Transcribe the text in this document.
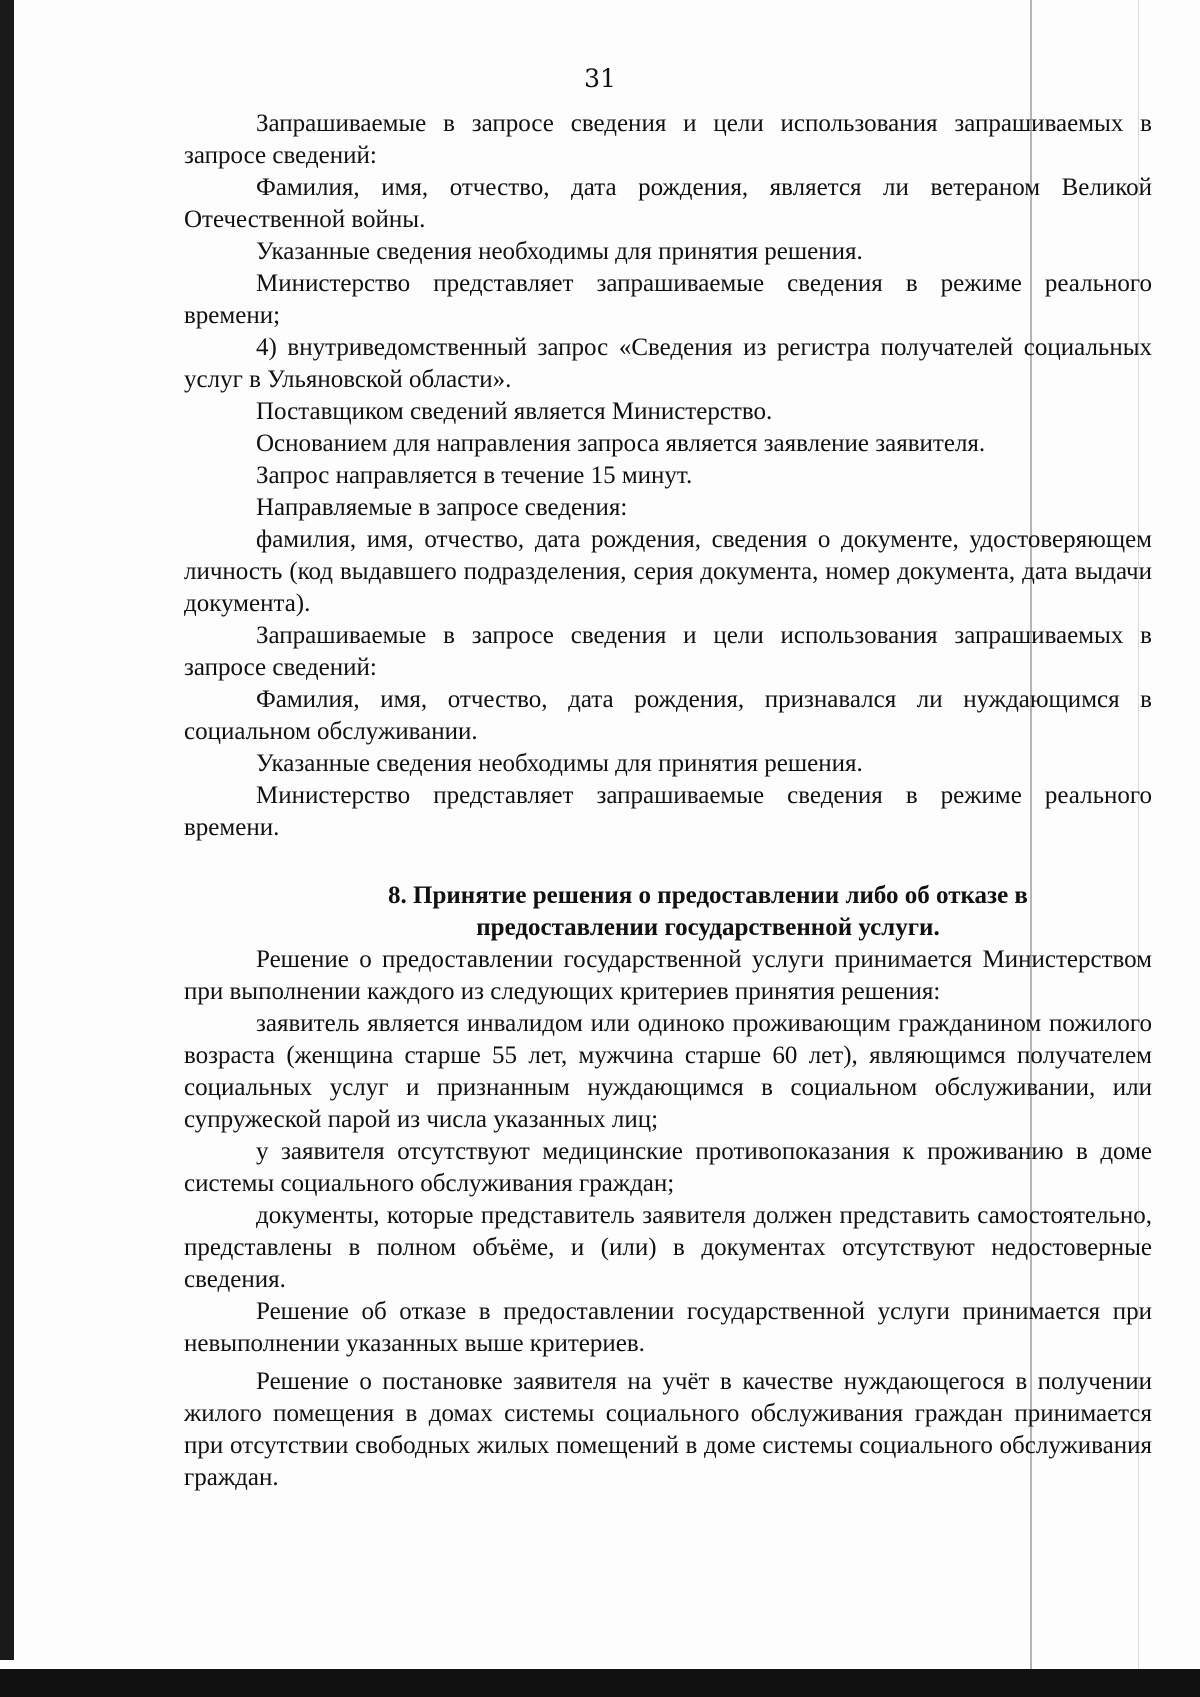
31

Запрашиваемые в запросе сведения и цели использования запрашиваемых в запросе сведений:

Фамилия, имя, отчество, дата рождения, является ли ветераном Великой Отечественной войны.

Указанные сведения необходимы для принятия решения.

Министерство представляет запрашиваемые сведения в режиме реального времени;

4) внутриведомственный запрос «Сведения из регистра получателей социальных услуг в Ульяновской области».

Поставщиком сведений является Министерство.

Основанием для направления запроса является заявление заявителя.

Запрос направляется в течение 15 минут.

Направляемые в запросе сведения:

фамилия, имя, отчество, дата рождения, сведения о документе, удостоверяющем личность (код выдавшего подразделения, серия документа, номер документа, дата выдачи документа).

Запрашиваемые в запросе сведения и цели использования запрашиваемых в запросе сведений:

Фамилия, имя, отчество, дата рождения, признавался ли нуждающимся в социальном обслуживании.

Указанные сведения необходимы для принятия решения.

Министерство представляет запрашиваемые сведения в режиме реального времени.

8. Принятие решения о предоставлении либо об отказе в

предоставлении государственной услуги.

Решение о предоставлении государственной услуги принимается Министерством при выполнении каждого из следующих критериев принятия решения:

заявитель является инвалидом или одиноко проживающим гражданином пожилого возраста (женщина старше 55 лет, мужчина старше 60 лет), являющимся получателем социальных услуг и признанным нуждающимся в социальном обслуживании, или супружеской парой из числа указанных лиц;

у заявителя отсутствуют медицинские противопоказания к проживанию в доме системы социального обслуживания граждан;

документы, которые представитель заявителя должен представить самостоятельно, представлены в полном объёме, и (или) в документах отсутствуют недостоверные сведения.

Решение об отказе в предоставлении государственной услуги принимается при невыполнении указанных выше критериев.

Решение о постановке заявителя на учёт в качестве нуждающегося в получении жилого помещения в домах системы социального обслуживания граждан принимается при отсутствии свободных жилых помещений в доме системы социального обслуживания граждан.
